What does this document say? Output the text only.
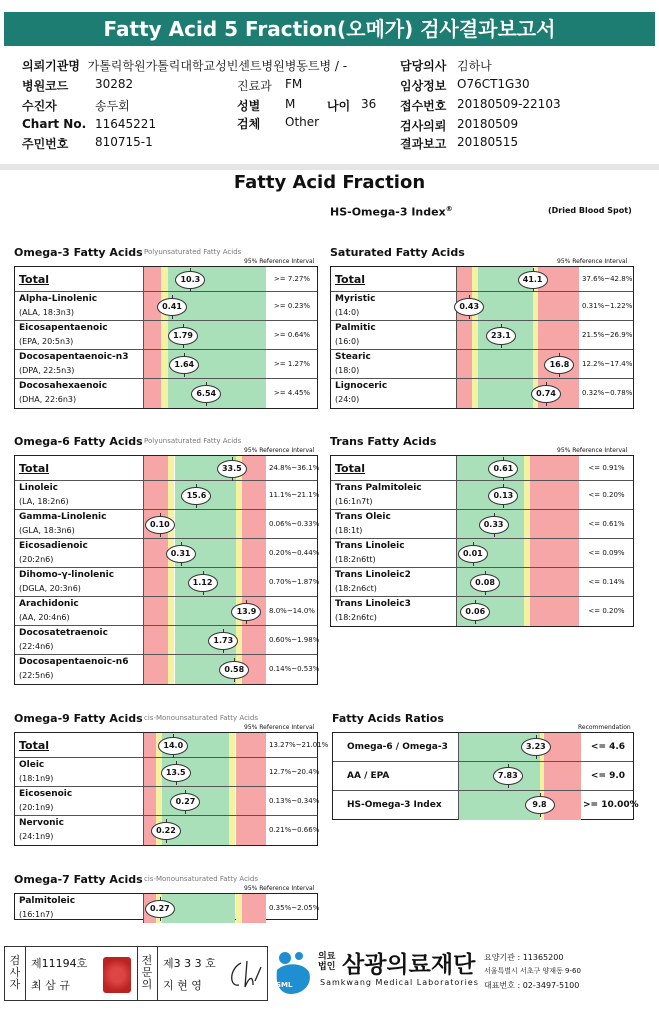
Fatty Acid 5 Fraction(오메가) 검사결과보고서
의뢰기관명 가톨릭학원가톨릭대학교성빈센트병원병동트병 / -
병원코드 30282	진료과 FM
수진자	송두회	성별 M	나이 36
Chart No. 11645221	검체 Other
주민번호 810715-1
담당의사 김하나
임상정보 O76CT1G30
접수번호 20180509-22103
검사의뢰 20180509
결과보고 20180515
Fatty Acid Fraction
HS-Omega-3 Index®	(Dried Blood Spot)
Omega-3 Fatty Acids Polyunsaturated Fatty Acids
95% Reference Interval
Total	10.3	>= 7.27%
Alpha-Linolenic
(ALA, 18:3n3)
0.41	>= 0.23%
Eicosapentaenoic
(EPA, 20:5n3)
1.79	>= 0.64%
Docosapentaenoic-n3
(DPA, 22:5n3)
1.64	>= 1.27%
Docosahexaenoic
(DHA, 22:6n3)
6.54	>= 4.45%
Saturated Fatty Acids
95% Reference Interval
Total	41.1	37.6%~42.8%
Myristic
(14:0)
0.43	0.31%~1.22%
Palmitic
(16:0)
23.1	21.5%~26.9%
Stearic
(18:0)
16.8	12.2%~17.4%
Lignoceric
(24:0)
0.74	0.32%~0.78%
Omega-6 Fatty Acids Polyunsaturated Fatty Acids
95% Reference Interval
Total	33.5	24.8%~36.1%
Linoleic
(LA, 18:2n6)
15.6	11.1%~21.1%
Gamma-Linolenic
(GLA, 18:3n6)
0.10	0.06%~0.33%
Eicosadienoic
(20:2n6)
0.31	0.20%~0.44%
Dihomo-γ-linolenic
(DGLA, 20:3n6)
1.12	0.70%~1.87%
Arachidonic
(AA, 20:4n6)
13.9	8.0%~14.0%
Docosatetraenoic
(22:4n6)
1.73	0.60%~1.98%
Docosapentaenoic-n6
(22:5n6)
0.58	0.14%~0.53%
Trans Fatty Acids
95% Reference Interval
Total	0.61	<= 0.91%
Trans Palmitoleic
(16:1n7t)
0.13	<= 0.20%
Trans Oleic
(18:1t)
0.33	<= 0.61%
Trans Linoleic
(18:2n6tt)
0.01	<= 0.09%
Trans Linoleic2
(18:2n6ct)
0.08	<= 0.14%
Trans Linoleic3
(18:2n6tc)
0.06	<= 0.20%
Omega-9 Fatty Acids cis-Monounsaturated Fatty Acids
95% Reference Interval
Total	14.0	13.27%~21.01%
Oleic
(18:1n9)
13.5	12.7%~20.4%
Eicosenoic
(20:1n9)
0.27	0.13%~0.34%
Nervonic
(24:1n9)
0.22	0.21%~0.66%
Omega-7 Fatty Acids cis-Monounsaturated Fatty Acids
95% Reference Interval
Palmitoleic
(16:1n7)
0.27	0.35%~2.05%
Fatty Acids Ratios
Recommendation
Omega-6 / Omega-3	3.23	<= 4.6
AA / EPA	7.83	<= 9.0
HS-Omega-3 Index	9.8	>= 10.00%
검사자
전문의
제11194호
최 삼 규
제3 3 3 호
지 현 영	SML
의료법인 삼광의료재단
Samkwang Medical Laboratories
요양기관 : 11365200
서울특별시 서초구 양재동 9-60
대표번호 : 02-3497-5100
